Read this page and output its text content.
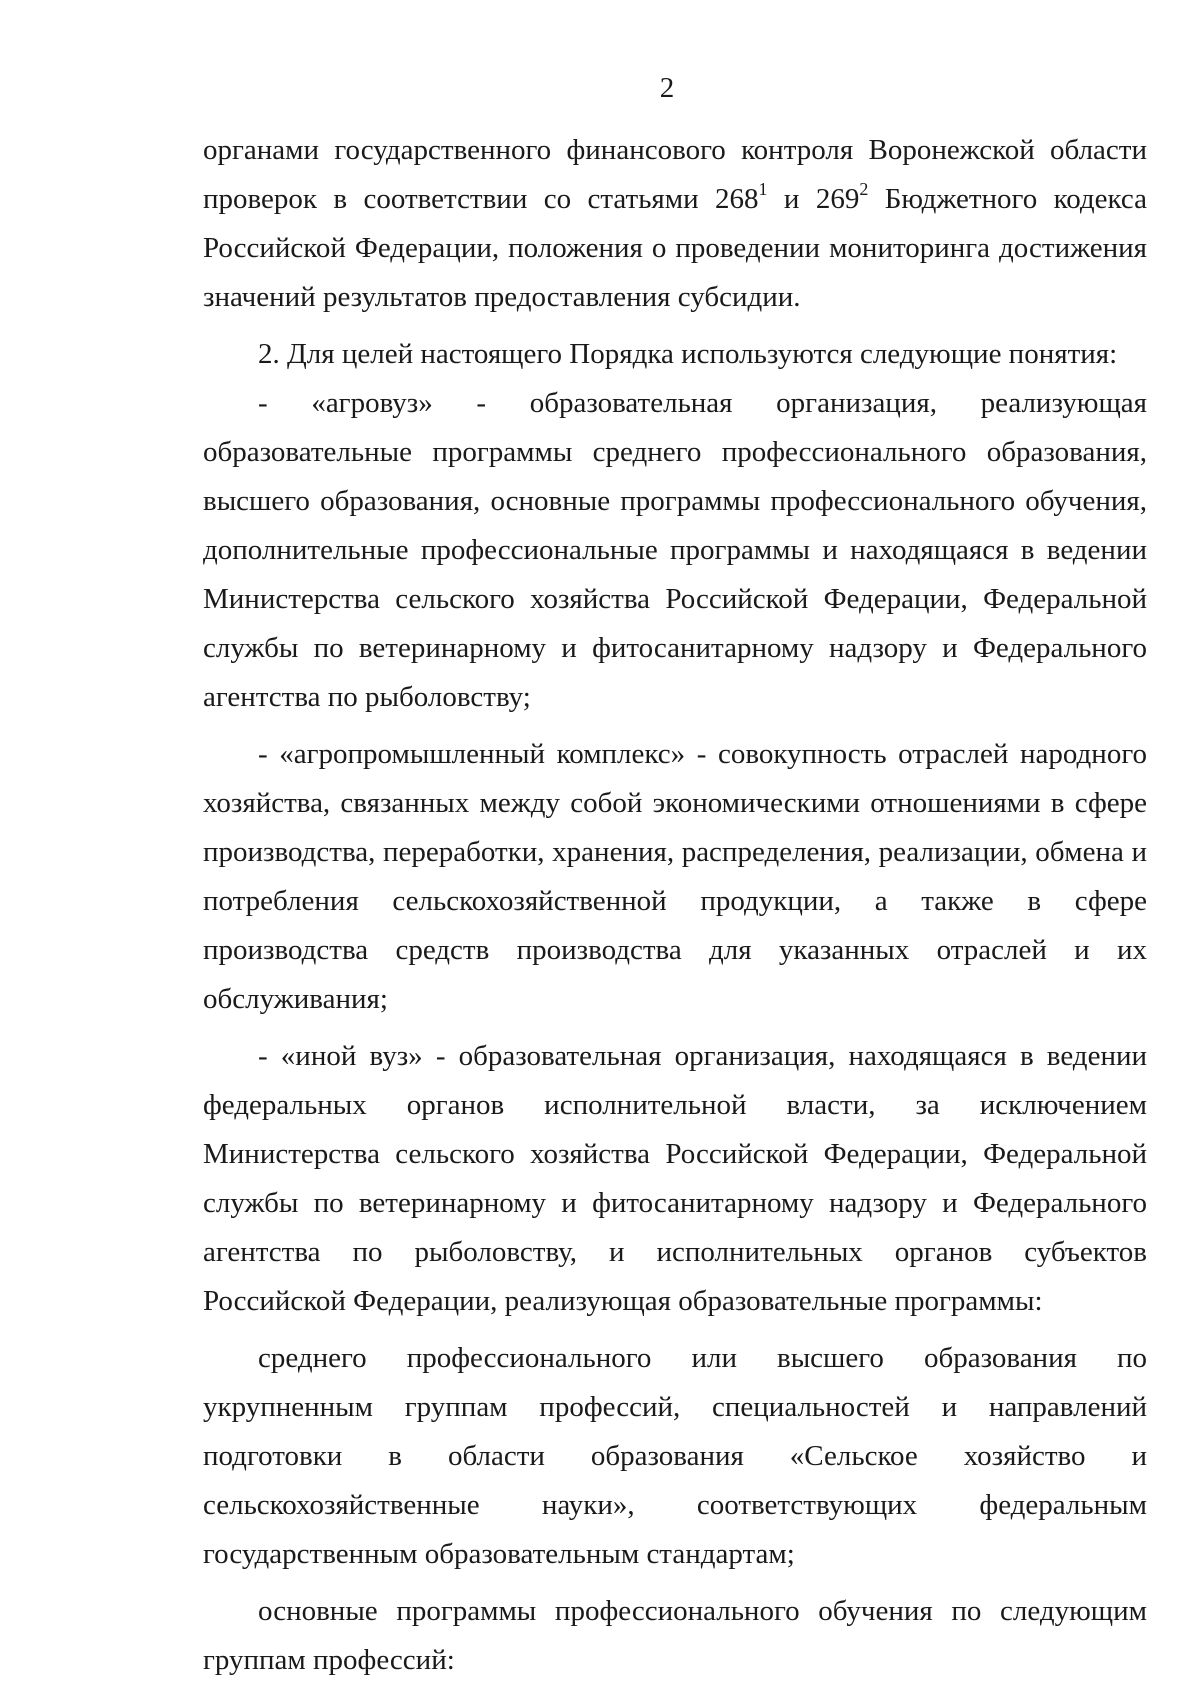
2

органами государственного финансового контроля Воронежской области проверок в соответствии со статьями $268^1$ и $269^2$ Бюджетного кодекса Российской Федерации, положения о проведении мониторинга достижения значений результатов предоставления субсидии.

2. Для целей настоящего Порядка используются следующие понятия:

- «агровуз» - образовательная организация, реализующая образовательные программы среднего профессионального образования, высшего образования, основные программы профессионального обучения, дополнительные профессиональные программы и находящаяся в ведении Министерства сельского хозяйства Российской Федерации, Федеральной службы по ветеринарному и фитосанитарному надзору и Федерального агентства по рыболовству;

- «агропромышленный комплекс» - совокупность отраслей народного хозяйства, связанных между собой экономическими отношениями в сфере производства, переработки, хранения, распределения, реализации, обмена и потребления сельскохозяйственной продукции, а также в сфере производства средств производства для указанных отраслей и их обслуживания;

- «иной вуз» - образовательная организация, находящаяся в ведении федеральных органов исполнительной власти, за исключением Министерства сельского хозяйства Российской Федерации, Федеральной службы по ветеринарному и фитосанитарному надзору и Федерального агентства по рыболовству, и исполнительных органов субъектов Российской Федерации, реализующая образовательные программы:

среднего профессионального или высшего образования по укрупненным группам профессий, специальностей и направлений подготовки в области образования «Сельское хозяйство и сельскохозяйственные науки», соответствующих федеральным государственным образовательным стандартам;

основные программы профессионального обучения по следующим группам профессий:
